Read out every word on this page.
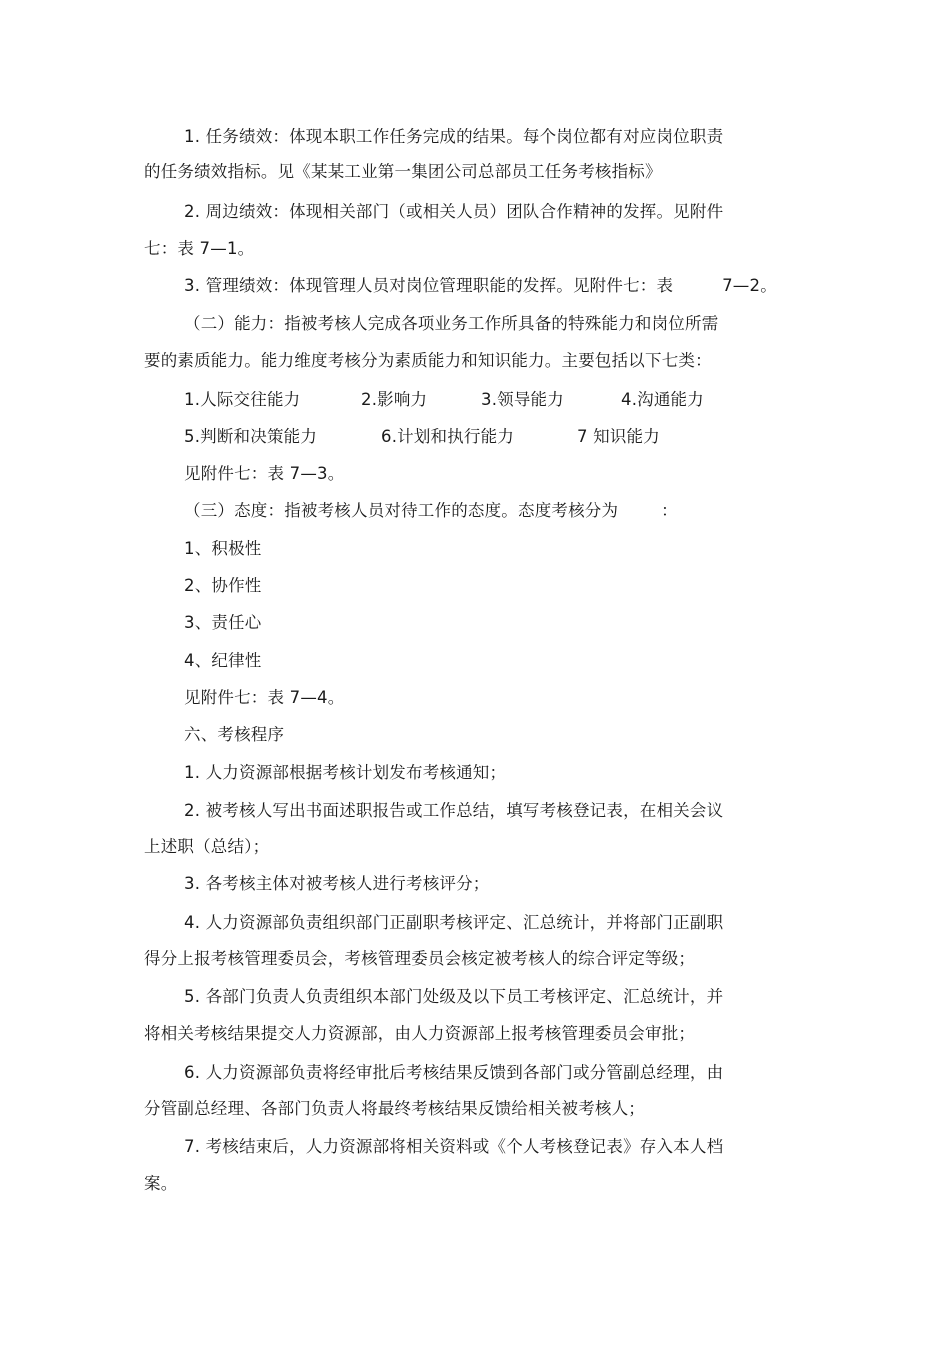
1. 任务绩效：体现本职工作任务完成的结果。每个岗位都有对应岗位职责
的任务绩效指标。见《某某工业第一集团公司总部员工任务考核指标》
2. 周边绩效：体现相关部门（或相关人员）团队合作精神的发挥。见附件
七：表 7—1。
3. 管理绩效：体现管理人员对岗位管理职能的发挥。见附件七：表	7—2。
（二）能力：指被考核人完成各项业务工作所具备的特殊能力和岗位所需
要的素质能力。能力维度考核分为素质能力和知识能力。主要包括以下七类：
1.人际交往能力	2.影响力	3.领导能力	4.沟通能力
5.判断和决策能力	6.计划和执行能力	7 知识能力
见附件七：表 7—3。
（三）态度：指被考核人员对待工作的态度。态度考核分为	：
1、积极性
2、协作性
3、责任心
4、纪律性
见附件七：表 7—4。
六、考核程序
1. 人力资源部根据考核计划发布考核通知；
2. 被考核人写出书面述职报告或工作总结，填写考核登记表，在相关会议
上述职（总结）；
3. 各考核主体对被考核人进行考核评分；
4. 人力资源部负责组织部门正副职考核评定、汇总统计，并将部门正副职
得分上报考核管理委员会，考核管理委员会核定被考核人的综合评定等级；
5. 各部门负责人负责组织本部门处级及以下员工考核评定、汇总统计，并
将相关考核结果提交人力资源部，由人力资源部上报考核管理委员会审批；
6. 人力资源部负责将经审批后考核结果反馈到各部门或分管副总经理，由
分管副总经理、各部门负责人将最终考核结果反馈给相关被考核人；
7. 考核结束后，人力资源部将相关资料或《个人考核登记表》存入本人档
案。
